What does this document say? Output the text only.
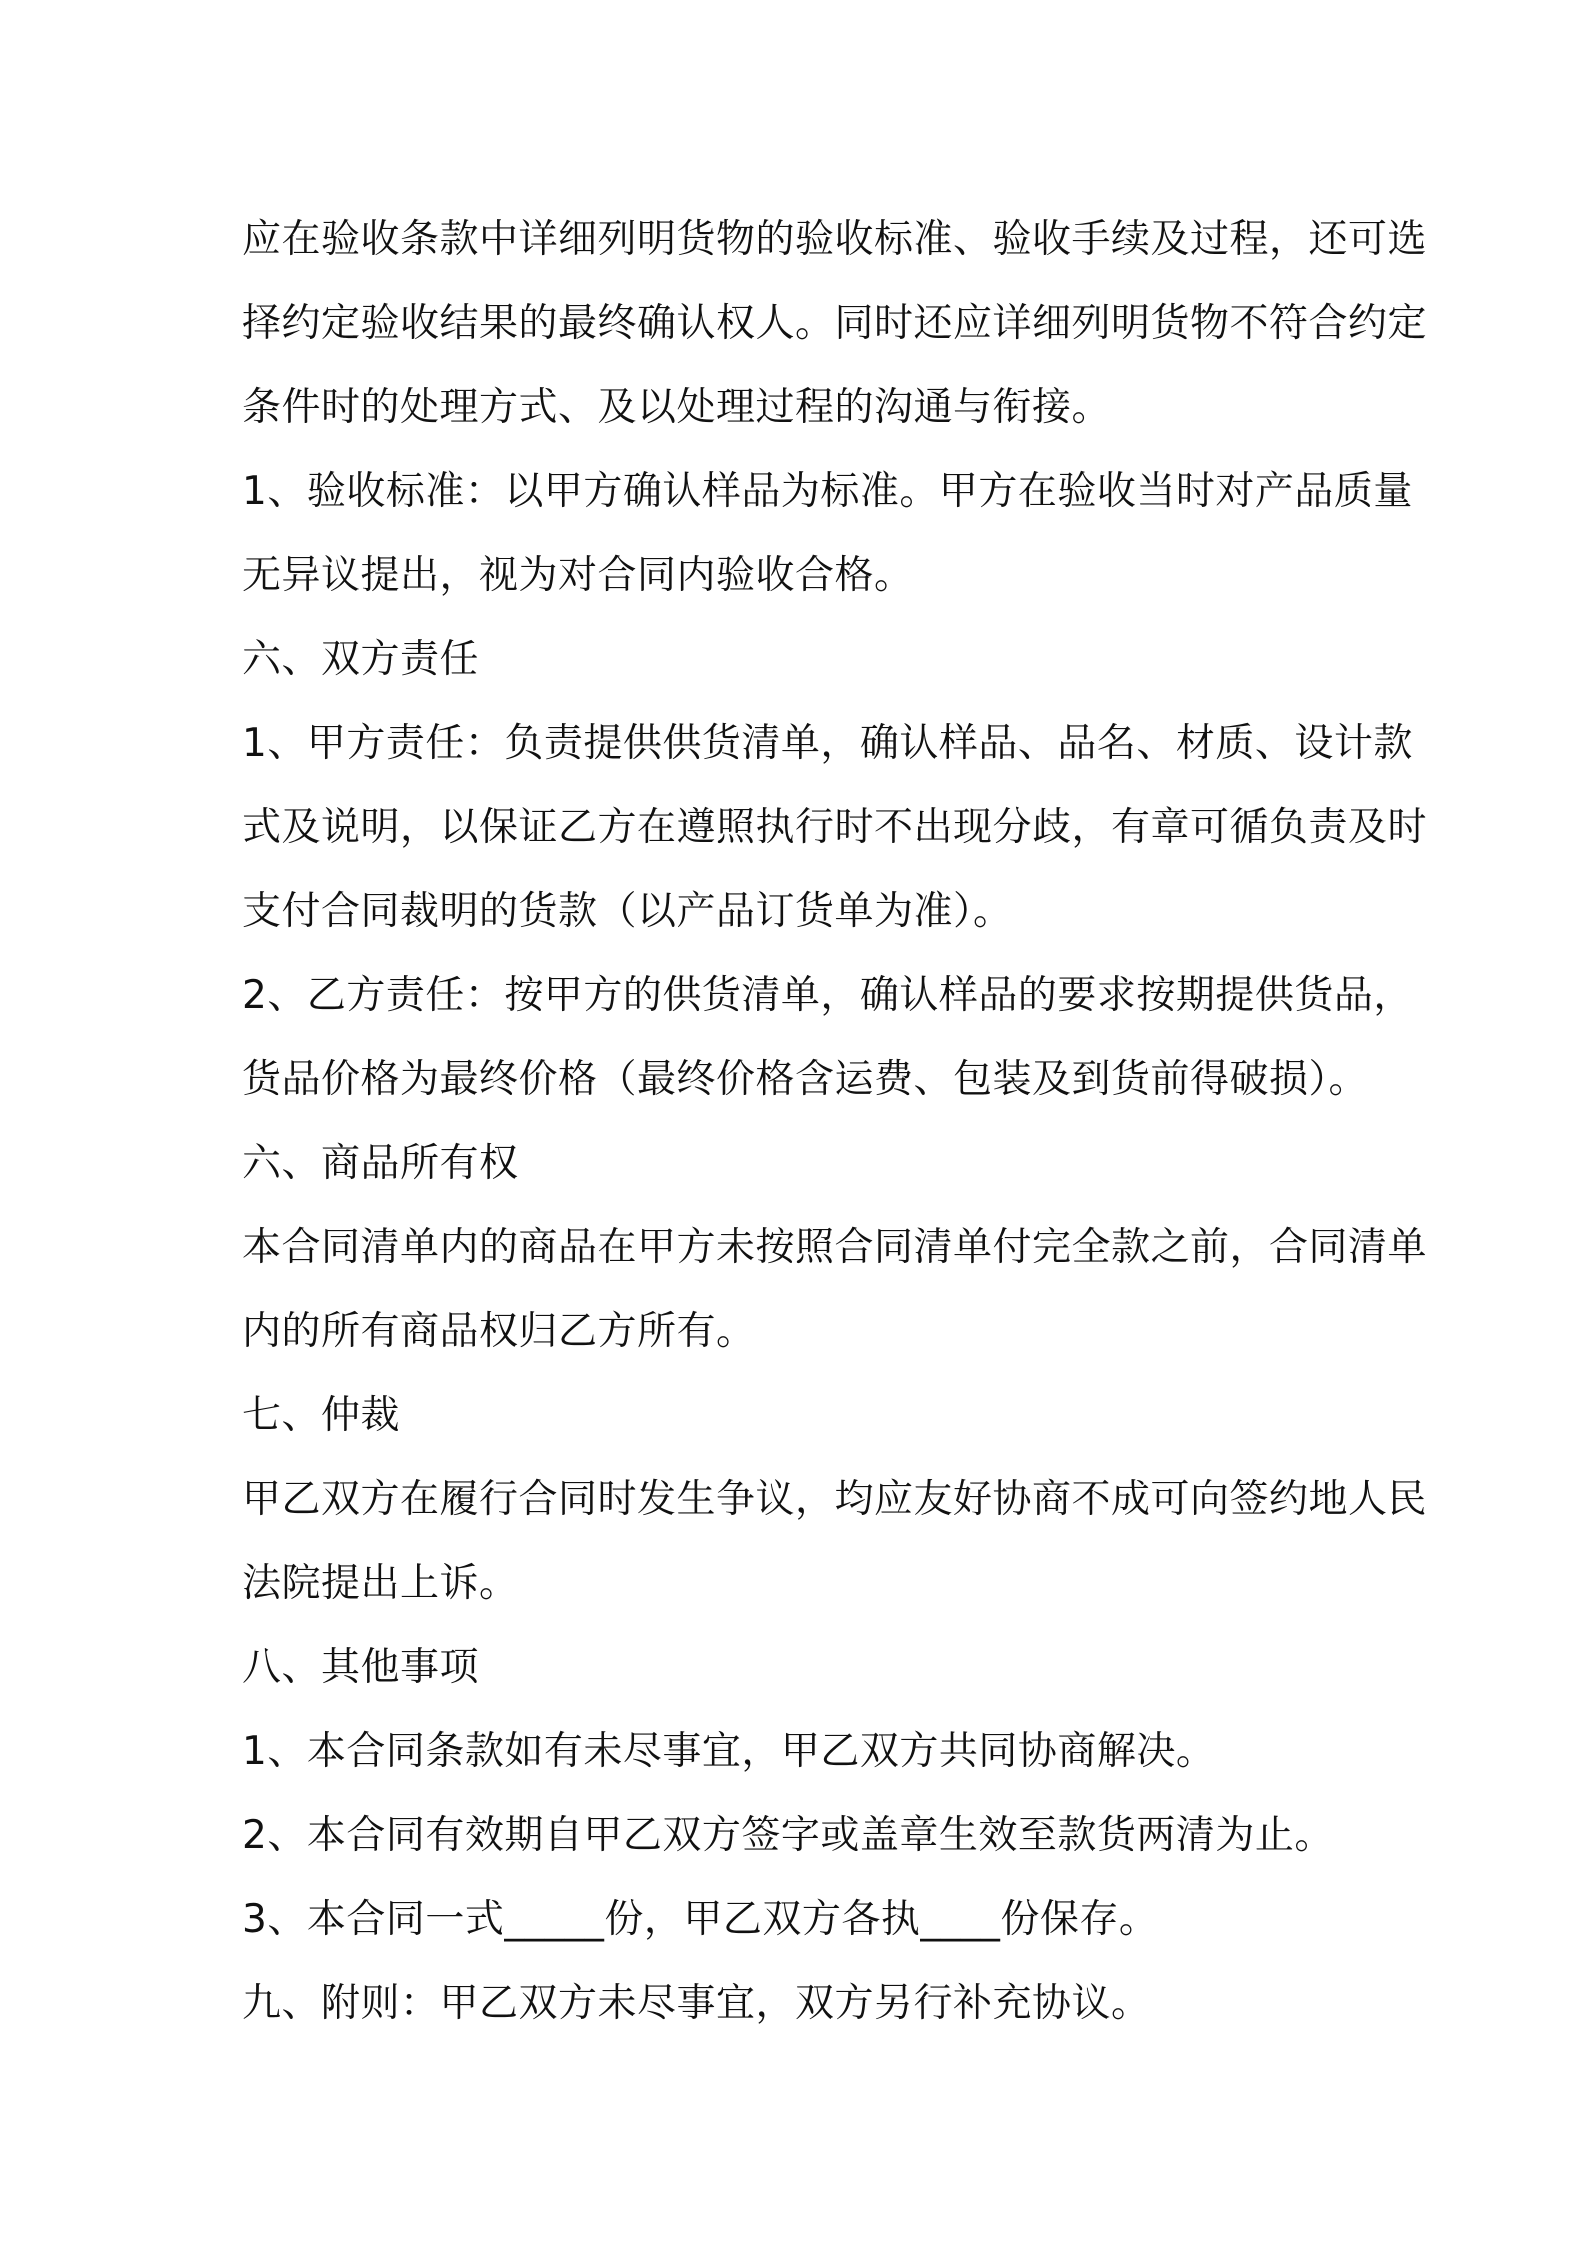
应在验收条款中详细列明货物的验收标准、验收手续及过程，还可选
择约定验收结果的最终确认权人。同时还应详细列明货物不符合约定
条件时的处理方式、及以处理过程的沟通与衔接。
1、验收标准：以甲方确认样品为标准。甲方在验收当时对产品质量
无异议提出，视为对合同内验收合格。
六、双方责任
1、甲方责任：负责提供供货清单，确认样品、品名、材质、设计款
式及说明，以保证乙方在遵照执行时不出现分歧，有章可循负责及时
支付合同裁明的货款（以产品订货单为准）。
2、乙方责任：按甲方的供货清单，确认样品的要求按期提供货品，
货品价格为最终价格（最终价格含运费、包装及到货前得破损）。
六、商品所有权
本合同清单内的商品在甲方未按照合同清单付完全款之前，合同清单
内的所有商品权归乙方所有。
七、仲裁
甲乙双方在履行合同时发生争议，均应友好协商不成可向签约地人民
法院提出上诉。
八、其他事项
1、本合同条款如有未尽事宜，甲乙双方共同协商解决。
2、本合同有效期自甲乙双方签字或盖章生效至款货两清为止。
3、本合同一式_____份，甲乙双方各执____份保存。
九、附则：甲乙双方未尽事宜，双方另行补充协议。
